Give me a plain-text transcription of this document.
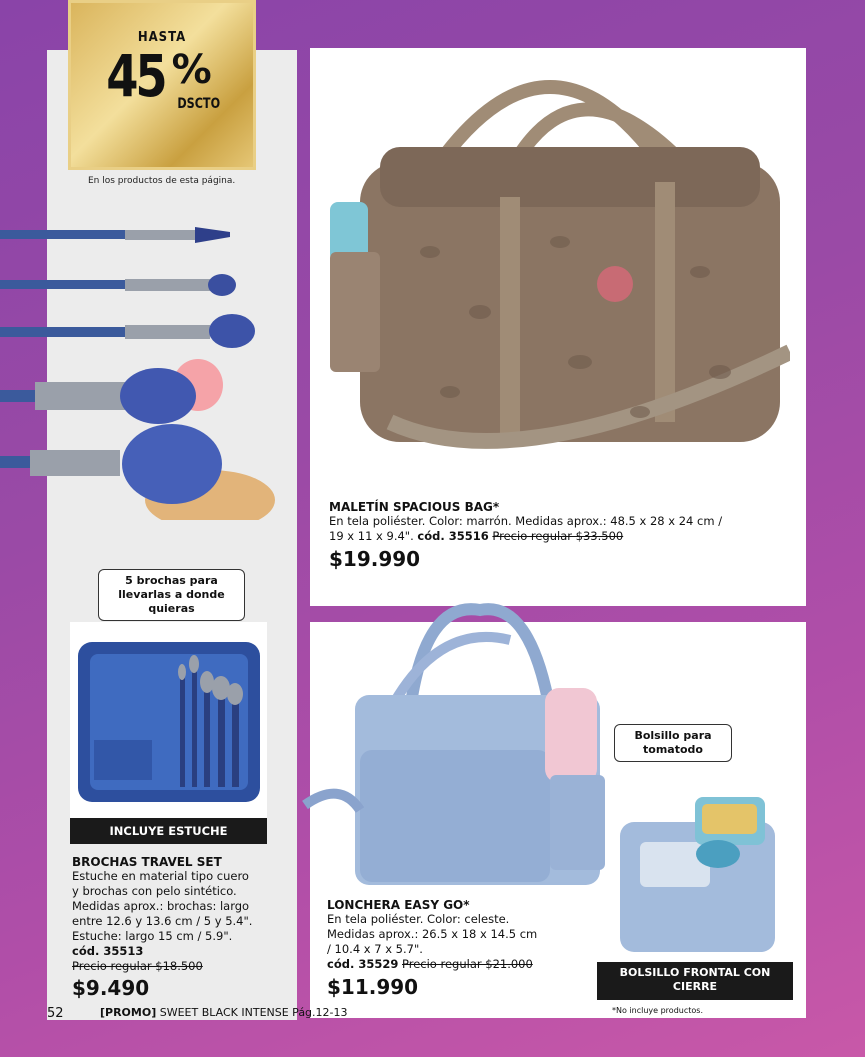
HASTA
45 %
DSCTO
En los productos de esta página.
5 brochas para llevarlas a donde quieras
INCLUYE ESTUCHE
BROCHAS TRAVEL SET
Estuche en material tipo cuero
y brochas con pelo sintético.
Medidas aprox.: brochas: largo
entre 12.6 y 13.6 cm / 5 y 5.4".
Estuche: largo 15 cm / 5.9".
cód. 35513
Precio regular $18.500
$9.490
MALETÍN SPACIOUS BAG*
En tela poliéster. Color: marrón. Medidas aprox.: 48.5 x 28 x 24 cm /
19 x 11 x 9.4". cód. 35516 Precio regular $33.500
$19.990
Bolsillo para tomatodo
BOLSILLO FRONTAL CON CIERRE
LONCHERA EASY GO*
En tela poliéster. Color: celeste.
Medidas aprox.: 26.5 x 18 x 14.5 cm
/ 10.4 x 7 x 5.7".
cód. 35529 Precio regular $21.000
$11.990
*No incluye productos.
52	[PROMO] SWEET BLACK INTENSE Pág.12-13
